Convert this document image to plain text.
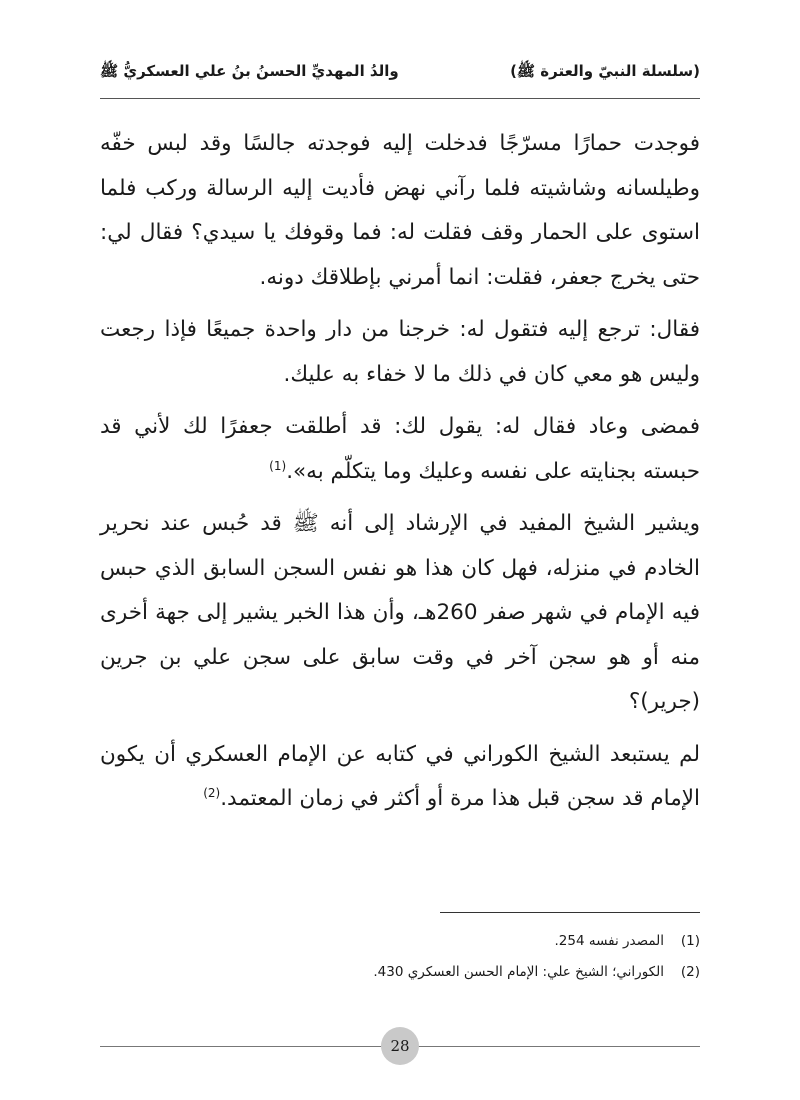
(سلسلة النبيّ والعترة ﷺ)
والدُ المهديِّ الحسنُ بنُ علي العسكريُّ ﷺ

فوجدت حمارًا مسرّجًا فدخلت إليه فوجدته جالسًا وقد لبس خفّه وطيلسانه وشاشيته فلما رآني نهض فأديت إليه الرسالة وركب فلما استوى على الحمار وقف فقلت له: فما وقوفك يا سيدي؟ فقال لي: حتى يخرج جعفر، فقلت: انما أمرني بإطلاقك دونه.

فقال: ترجع إليه فتقول له: خرجنا من دار واحدة جميعًا فإذا رجعت وليس هو معي كان في ذلك ما لا خفاء به عليك.

فمضى وعاد فقال له: يقول لك: قد أطلقت جعفرًا لك لأني قد حبسته بجنايته على نفسه وعليك وما يتكلّم به».$^{(1)}$

ويشير الشيخ المفيد في الإرشاد إلى أنه ﷺ قد حُبس عند نحرير الخادم في منزله، فهل كان هذا هو نفس السجن السابق الذي حبس فيه الإمام في شهر صفر 260هـ، وأن هذا الخبر يشير إلى جهة أخرى منه أو هو سجن آخر في وقت سابق على سجن علي بن جرين (جرير)؟

لم يستبعد الشيخ الكوراني في كتابه عن الإمام العسكري أن يكون الإمام قد سجن قبل هذا مرة أو أكثر في زمان المعتمد.$^{(2)}$

(1)المصدر نفسه 254.
(2)الكوراني؛ الشيخ علي: الإمام الحسن العسكري 430.
28
